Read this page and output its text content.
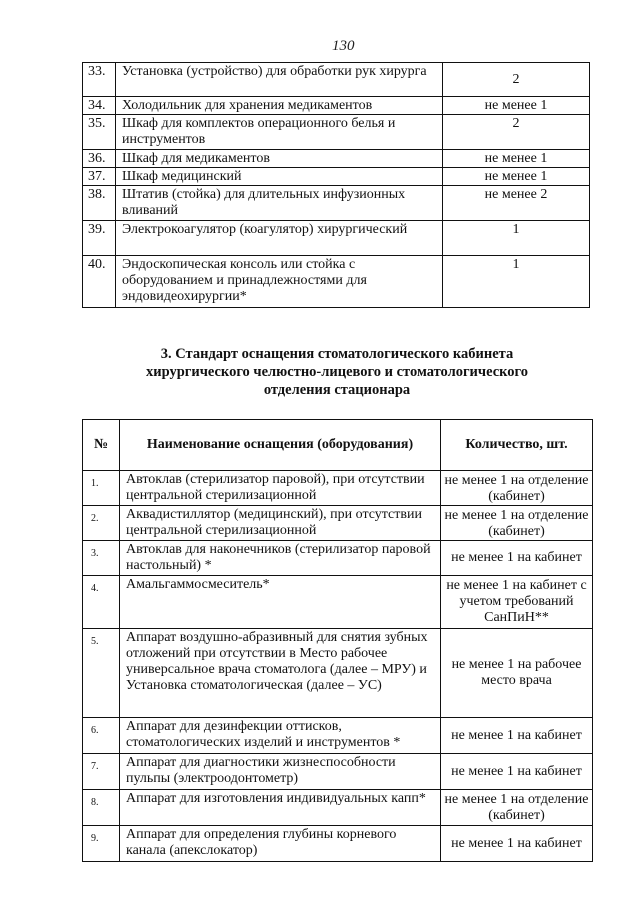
130
33.	Установка (устройство) для обработки рук хирурга	2
34.	Холодильник для хранения медикаментов	не менее 1
35.	Шкаф для комплектов операционного белья и инструментов	2
36.	Шкаф для медикаментов	не менее 1
37.	Шкаф медицинский	не менее 1
38.	Штатив (стойка) для длительных инфузионных вливаний	не менее 2
39.	Электрокоагулятор (коагулятор) хирургический	1
40.	Эндоскопическая консоль или стойка с оборудованием и принадлежностями для эндовидеохирургии*	1
3. Стандарт оснащения стоматологического кабинета
хирургического челюстно-лицевого и стоматологического
отделения стационара
№	Наименование оснащения (оборудования)	Количество, шт.
1.	Автоклав (стерилизатор паровой), при отсутствии центральной стерилизационной	не менее 1 на отделение (кабинет)
2.	Аквадистиллятор (медицинский), при отсутствии центральной стерилизационной	не менее 1 на отделение (кабинет)
3.	Автоклав для наконечников (стерилизатор паровой настольный) *	не менее 1 на кабинет
4.	Амальгаммосмеситель*	не менее 1 на кабинет с учетом требований СанПиН**
5.	Аппарат воздушно-абразивный для снятия зубных отложений при отсутствии в Место рабочее универсальное врача стоматолога (далее – МРУ) и Установка стоматологическая (далее – УС)	не менее 1 на рабочее место врача
6.	Аппарат для дезинфекции оттисков, стоматологических изделий и инструментов *	не менее 1 на кабинет
7.	Аппарат для диагностики жизнеспособности пульпы (электроодонтометр)	не менее 1 на кабинет
8.	Аппарат для изготовления индивидуальных капп*	не менее 1 на отделение (кабинет)
9.	Аппарат для определения глубины корневого канала (апекслокатор)	не менее 1 на кабинет
